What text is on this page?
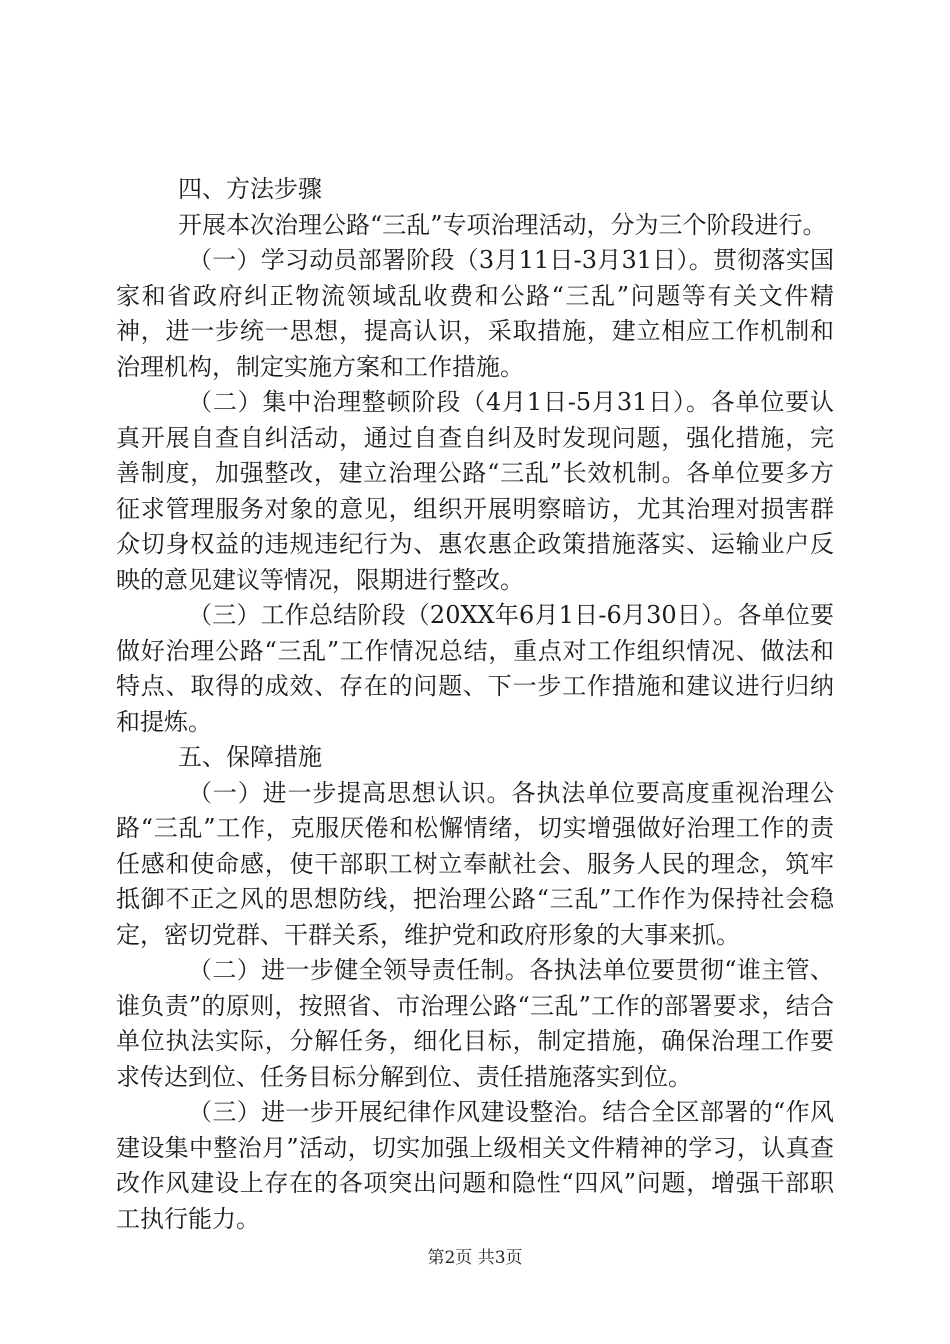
四、方法步骤

开展本次治理公路“三乱”专项治理活动，分为三个阶段进行。

（一）学习动员部署阶段（3月11日-3月31日）。贯彻落实国家和省政府纠正物流领域乱收费和公路“三乱”问题等有关文件精神，进一步统一思想，提高认识，采取措施，建立相应工作机制和治理机构，制定实施方案和工作措施。

（二）集中治理整顿阶段（4月1日-5月31日）。各单位要认真开展自查自纠活动，通过自查自纠及时发现问题，强化措施，完善制度，加强整改，建立治理公路“三乱”长效机制。各单位要多方征求管理服务对象的意见，组织开展明察暗访，尤其治理对损害群众切身权益的违规违纪行为、惠农惠企政策措施落实、运输业户反映的意见建议等情况，限期进行整改。

（三）工作总结阶段（20XX年6月1日-6月30日）。各单位要做好治理公路“三乱”工作情况总结，重点对工作组织情况、做法和特点、取得的成效、存在的问题、下一步工作措施和建议进行归纳和提炼。

五、保障措施

（一）进一步提高思想认识。各执法单位要高度重视治理公路“三乱”工作，克服厌倦和松懈情绪，切实增强做好治理工作的责任感和使命感，使干部职工树立奉献社会、服务人民的理念，筑牢抵御不正之风的思想防线，把治理公路“三乱”工作作为保持社会稳定，密切党群、干群关系，维护党和政府形象的大事来抓。

（二）进一步健全领导责任制。各执法单位要贯彻“谁主管、谁负责”的原则，按照省、市治理公路“三乱”工作的部署要求，结合单位执法实际，分解任务，细化目标，制定措施，确保治理工作要求传达到位、任务目标分解到位、责任措施落实到位。

（三）进一步开展纪律作风建设整治。结合全区部署的“作风建设集中整治月”活动，切实加强上级相关文件精神的学习，认真查改作风建设上存在的各项突出问题和隐性“四风”问题，增强干部职工执行能力。

第2页 共3页
